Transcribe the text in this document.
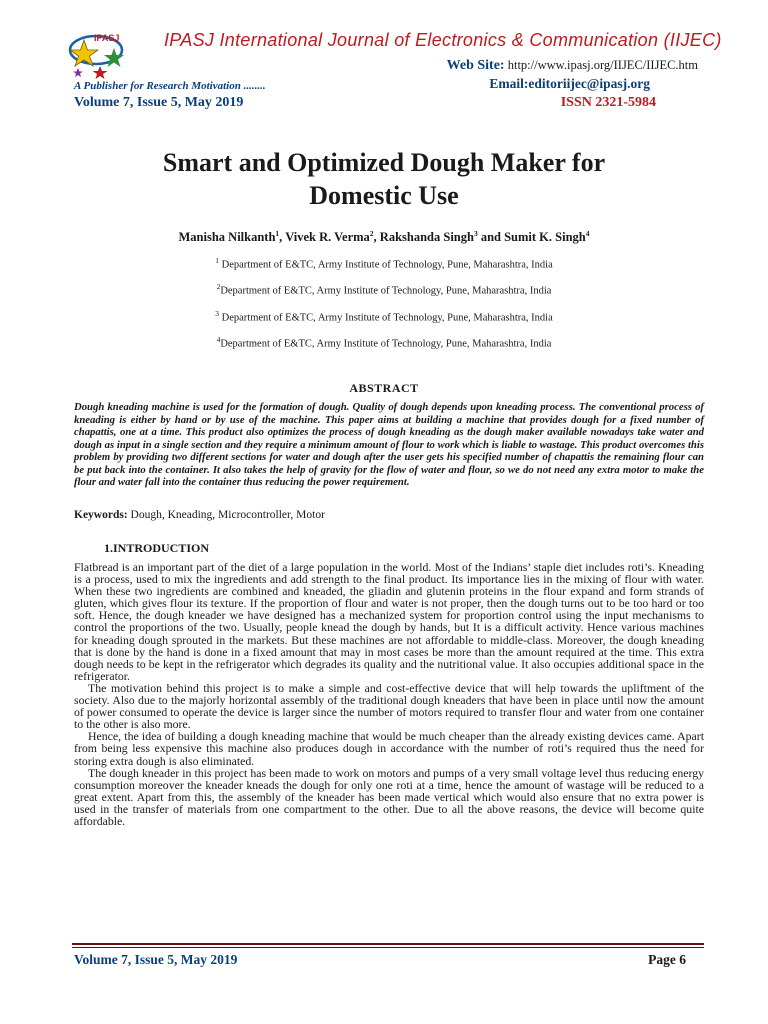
IPASJ IPASJ International Journal of Electronics & Communication (IIJEC)
Web Site: http://www.ipasj.org/IIJEC/IIJEC.htm
Email:editoriijec@ipasj.org
A Publisher for Research Motivation ........
Volume 7, Issue 5, May 2019	ISSN 2321-5984
Smart and Optimized Dough Maker for
Domestic Use
Manisha Nilkanth$^1$, Vivek R. Verma$^2$, Rakshanda Singh$^3$ and Sumit K. Singh$^4$
$^1$ Department of E&TC, Army Institute of Technology, Pune, Maharashtra, India
$^2$Department of E&TC, Army Institute of Technology, Pune, Maharashtra, India
$^3$ Department of E&TC, Army Institute of Technology, Pune, Maharashtra, India
$^4$Department of E&TC, Army Institute of Technology, Pune, Maharashtra, India
ABSTRACT
Dough kneading machine is used for the formation of dough. Quality of dough depends upon kneading process. The conventional process of kneading is either by hand or by use of the machine. This paper aims at building a machine that provides dough for a fixed number of chapattis, one at a time. This product also optimizes the process of dough kneading as the dough maker available nowadays take water and dough as input in a single section and they require a minimum amount of flour to work which is liable to wastage. This product overcomes this problem by providing two different sections for water and dough after the user gets his specified number of chapattis the remaining flour can be put back into the container. It also takes the help of gravity for the flow of water and flour, so we do not need any extra motor to make the flour and water fall into the container thus reducing the power requirement.
Keywords: Dough, Kneading, Microcontroller, Motor
1.INTRODUCTION

Flatbread is an important part of the diet of a large population in the world. Most of the Indians’ staple diet includes roti’s. Kneading is a process, used to mix the ingredients and add strength to the final product. Its importance lies in the mixing of flour with water. When these two ingredients are combined and kneaded, the gliadin and glutenin proteins in the flour expand and form strands of gluten, which gives flour its texture. If the proportion of flour and water is not proper, then the dough turns out to be too hard or too soft. Hence, the dough kneader we have designed has a mechanized system for proportion control using the input mechanisms to control the proportions of the two. Usually, people knead the dough by hands, but It is a difficult activity. Hence various machines for kneading dough sprouted in the markets. But these machines are not affordable to middle-class. Moreover, the dough kneading that is done by the hand is done in a fixed amount that may in most cases be more than the amount required at the time. This extra dough needs to be kept in the refrigerator which degrades its quality and the nutritional value. It also occupies additional space in the refrigerator.

The motivation behind this project is to make a simple and cost-effective device that will help towards the upliftment of the society. Also due to the majorly horizontal assembly of the traditional dough kneaders that have been in place until now the amount of power consumed to operate the device is larger since the number of motors required to transfer flour and water from one container to the other is also more.

Hence, the idea of building a dough kneading machine that would be much cheaper than the already existing devices came. Apart from being less expensive this machine also produces dough in accordance with the number of roti’s required thus the need for storing extra dough is also eliminated.

The dough kneader in this project has been made to work on motors and pumps of a very small voltage level thus reducing energy consumption moreover the kneader kneads the dough for only one roti at a time, hence the amount of wastage will be reduced to a great extent. Apart from this, the assembly of the kneader has been made vertical which would also ensure that no extra power is used in the transfer of materials from one compartment to the other. Due to all the above reasons, the device will become quite affordable.

Volume 7, Issue 5, May 2019	Page 6
